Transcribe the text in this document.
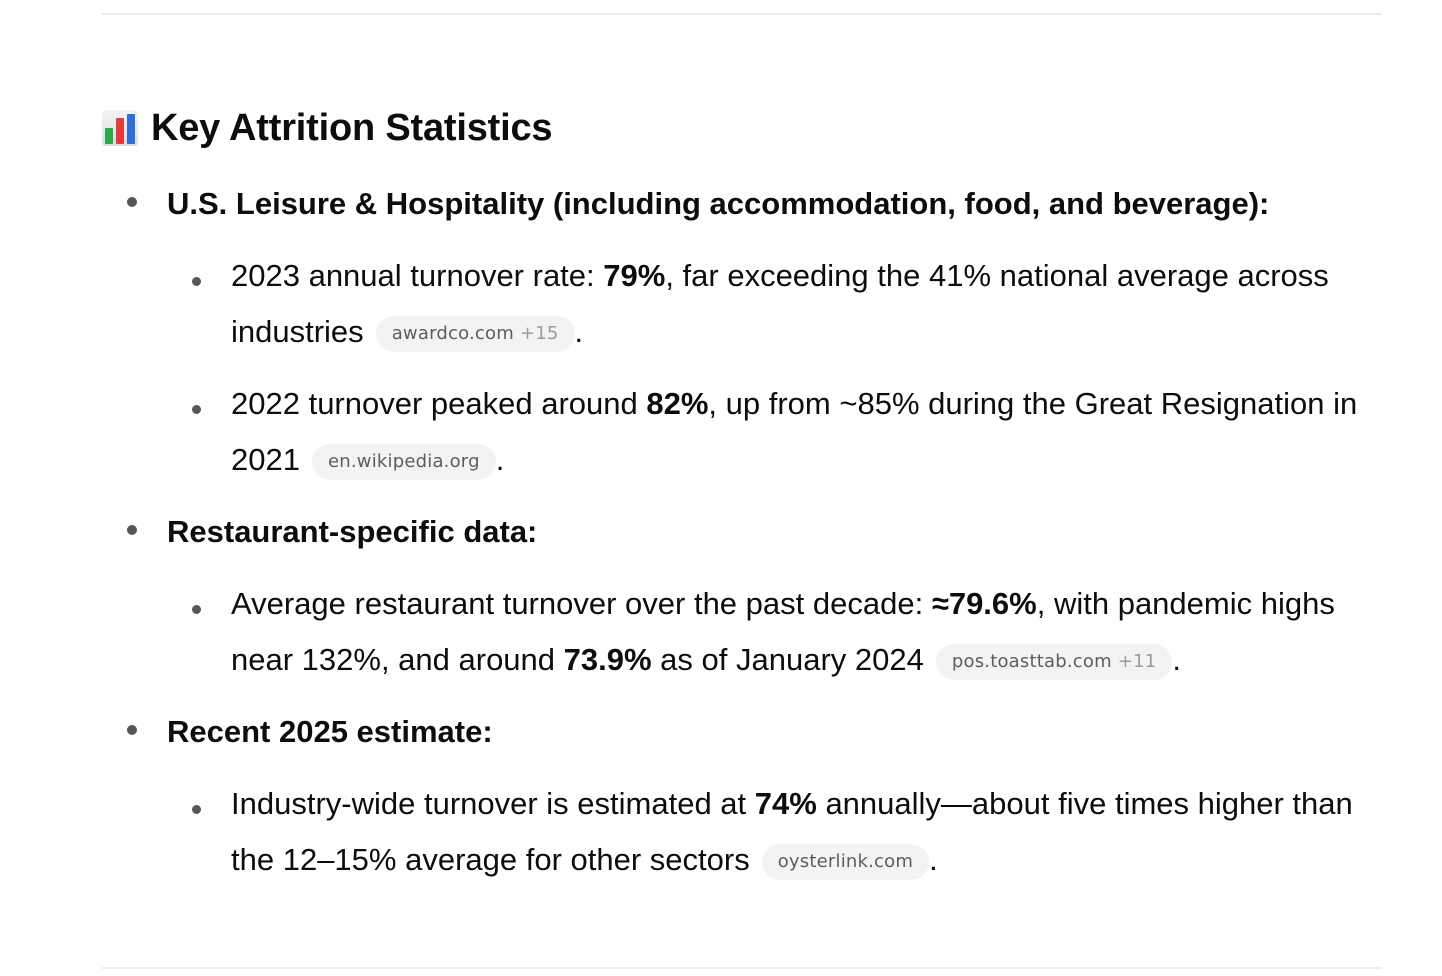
Key Attrition Statistics
U.S. Leisure & Hospitality (including accommodation, food, and beverage):
2023 annual turnover rate: 79%, far exceeding the 41% national average across industries awardco.com +15 .
2022 turnover peaked around 82%, up from ~85% during the Great Resignation in 2021 en.wikipedia.org .
Restaurant-specific data:
Average restaurant turnover over the past decade: ≈79.6%, with pandemic highs near 132%, and around 73.9% as of January 2024 pos.toasttab.com +11 .
Recent 2025 estimate:
Industry-wide turnover is estimated at 74% annually—about five times higher than the 12–15% average for other sectors oysterlink.com .
